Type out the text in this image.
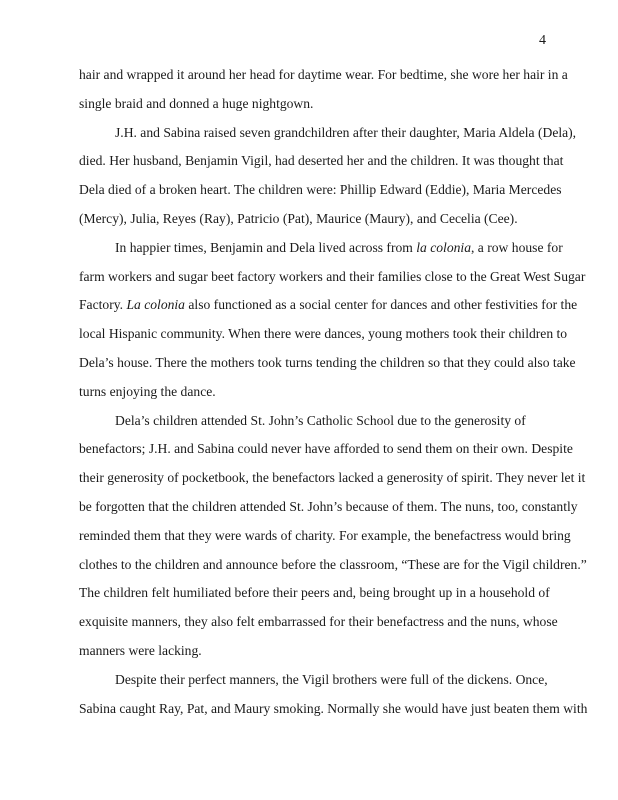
4

hair and wrapped it around her head for daytime wear. For bedtime, she wore her hair in a
single braid and donned a huge nightgown.

J.H. and Sabina raised seven grandchildren after their daughter, Maria Aldela (Dela),
died. Her husband, Benjamin Vigil, had deserted her and the children. It was thought that
Dela died of a broken heart. The children were: Phillip Edward (Eddie), Maria Mercedes
(Mercy), Julia, Reyes (Ray), Patricio (Pat), Maurice (Maury), and Cecelia (Cee).

In happier times, Benjamin and Dela lived across from la colonia, a row house for
farm workers and sugar beet factory workers and their families close to the Great West Sugar
Factory. La colonia also functioned as a social center for dances and other festivities for the
local Hispanic community. When there were dances, young mothers took their children to
Dela’s house. There the mothers took turns tending the children so that they could also take
turns enjoying the dance.

Dela’s children attended St. John’s Catholic School due to the generosity of
benefactors; J.H. and Sabina could never have afforded to send them on their own. Despite
their generosity of pocketbook, the benefactors lacked a generosity of spirit. They never let it
be forgotten that the children attended St. John’s because of them. The nuns, too, constantly
reminded them that they were wards of charity. For example, the benefactress would bring
clothes to the children and announce before the classroom, “These are for the Vigil children.”
The children felt humiliated before their peers and, being brought up in a household of
exquisite manners, they also felt embarrassed for their benefactress and the nuns, whose
manners were lacking.

Despite their perfect manners, the Vigil brothers were full of the dickens. Once,
Sabina caught Ray, Pat, and Maury smoking. Normally she would have just beaten them with
